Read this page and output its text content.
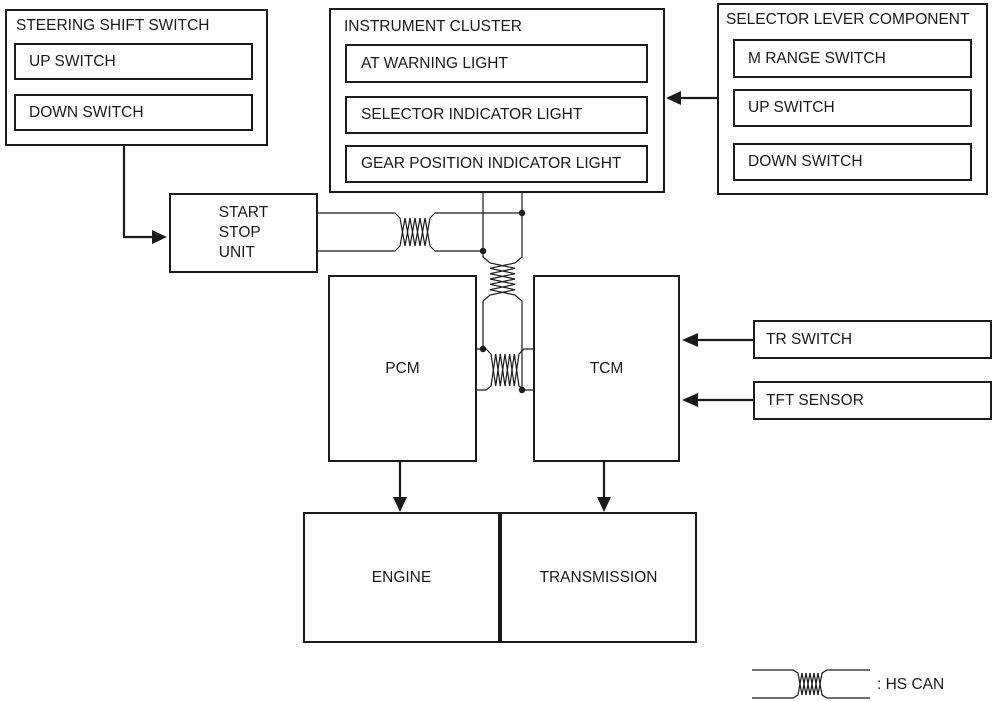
STEERING SHIFT SWITCH
UP SWITCH
DOWN SWITCH
INSTRUMENT CLUSTER
AT WARNING LIGHT
SELECTOR INDICATOR LIGHT
GEAR POSITION INDICATOR LIGHT
SELECTOR LEVER COMPONENT
M RANGE SWITCH
UP SWITCH
DOWN SWITCH
START
STOP
UNIT
PCM	TCM
TR SWITCH
TFT SENSOR
ENGINE	TRANSMISSION
: HS CAN
